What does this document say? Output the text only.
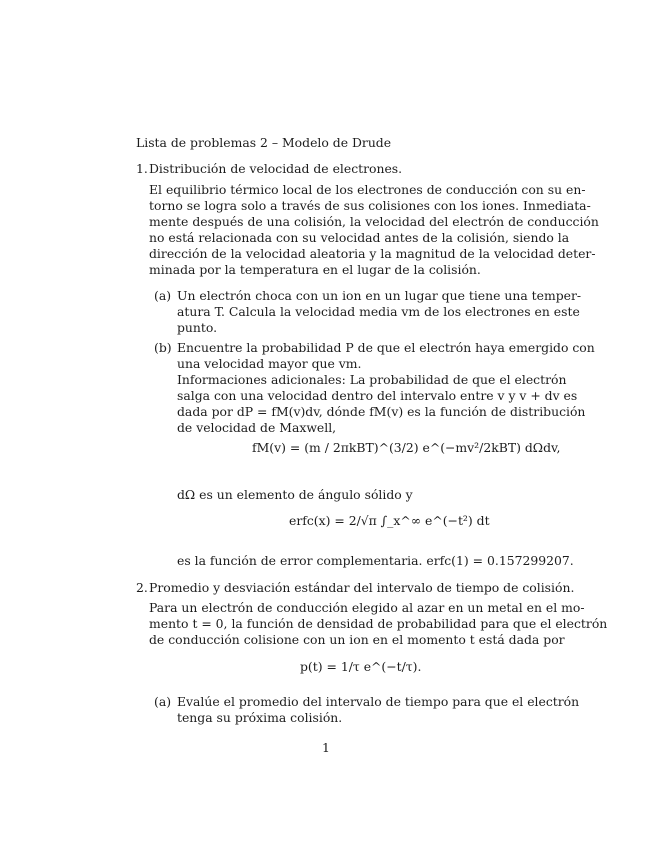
Lista de problemas 2 – Modelo de Drude
1. Distribución de velocidad de electrones.
El equilibrio térmico local de los electrones de conducción con su en-
torno se logra solo a través de sus colisiones con los iones. Inmediata-
mente después de una colisión, la velocidad del electrón de conducción
no está relacionada con su velocidad antes de la colisión, siendo la
dirección de la velocidad aleatoria y la magnitud de la velocidad deter-
minada por la temperatura en el lugar de la colisión.
(a) Un electrón choca con un ion en un lugar que tiene una temper-
atura T. Calcula la velocidad media vm de los electrones en este
punto.
(b) Encuentre la probabilidad P de que el electrón haya emergido con
una velocidad mayor que vm.
Informaciones adicionales: La probabilidad de que el electrón
salga con una velocidad dentro del intervalo entre v y v + dv es
dada por dP = fM(v)dv, dónde fM(v) es la función de distribución
de velocidad de Maxwell,
fM(v) = (m / 2πkBT)^(3/2) e^(−mv²/2kBT) dΩdv,
dΩ es un elemento de ángulo sólido y
erfc(x) = 2/√π ∫_x^∞ e^(−t²) dt
es la función de error complementaria. erfc(1) = 0.157299207.
2. Promedio y desviación estándar del intervalo de tiempo de colisión.
Para un electrón de conducción elegido al azar en un metal en el mo-
mento t = 0, la función de densidad de probabilidad para que el electrón
de conducción colisione con un ion en el momento t está dada por
p(t) = 1/τ e^(−t/τ).
(a) Evalúe el promedio del intervalo de tiempo para que el electrón
tenga su próxima colisión.
1
